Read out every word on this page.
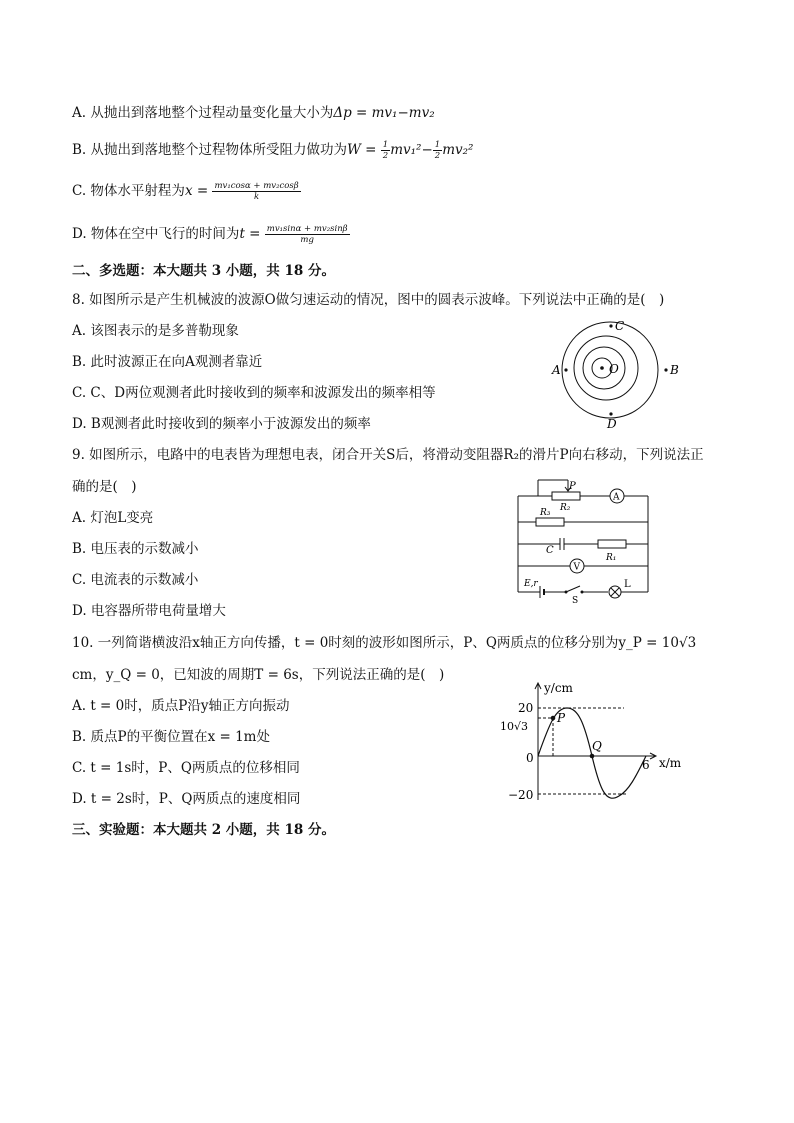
A. 从抛出到落地整个过程动量变化量大小为Δp = mv₁−mv₂
B. 从抛出到落地整个过程物体所受阻力做功为$W = \frac{1}{2} mv_1^2- \frac{1}{2} mv_2^2$
C. 物体水平射程为$x = \frac{\text{mv₁cosα + mv₂cosβ}}{k}$
D. 物体在空中飞行的时间为$t = \frac{\text{mv₁sinα + mv₂sinβ}}{mg}$
二、多选题：本大题共 3 小题，共 18 分。
8. 如图所示是产生机械波的波源O做匀速运动的情况，图中的圆表示波峰。下列说法中正确的是(　)
A. 该图表示的是多普勒现象
B. 此时波源正在向A观测者靠近
C. C、D两位观测者此时接收到的频率和波源发出的频率相等
D. B观测者此时接收到的频率小于波源发出的频率
O
A	B
C
D
9. 如图所示，电路中的电表皆为理想电表，闭合开关S后，将滑动变阻器R₂的滑片P向右移动，下列说法正
确的是(　)
A. 灯泡L变亮
B. 电压表的示数减小
C. 电流表的示数减小
D. 电容器所带电荷量增大
P
R₂
A
R₃
C
R₁
V
E,r
S
L
10. 一列简谐横波沿x轴正方向传播，t = 0时刻的波形如图所示，P、Q两质点的位移分别为y_P = 10√3
cm，y_Q = 0，已知波的周期T = 6s，下列说法正确的是(　)
A. t = 0时，质点P沿y轴正方向振动
B. 质点P的平衡位置在x = 1m处
C. t = 1s时，P、Q两质点的位移相同
D. t = 2s时，P、Q两质点的速度相同
y/cm
x/m
20
10√3
0
−20
6
P
Q
三、实验题：本大题共 2 小题，共 18 分。
